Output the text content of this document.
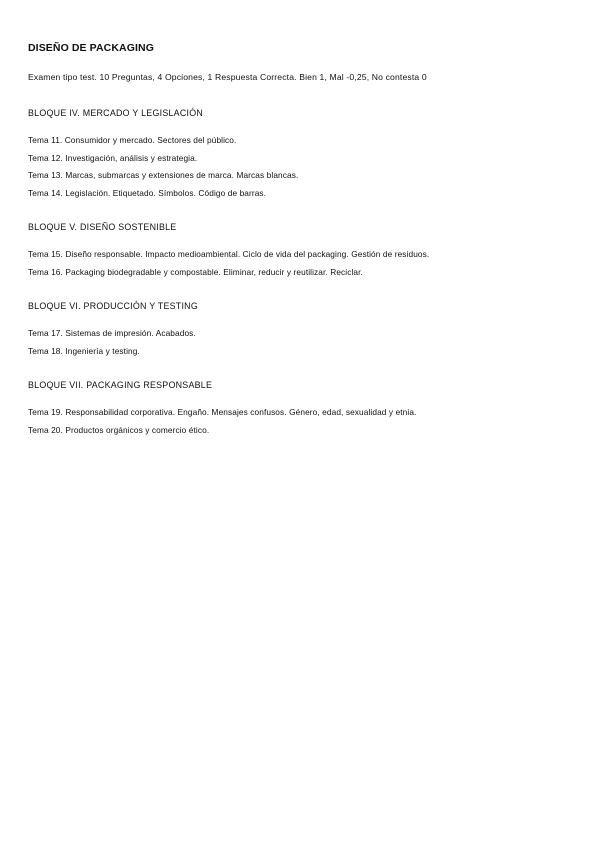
DISEÑO DE PACKAGING
Examen tipo test. 10 Preguntas, 4 Opciones, 1 Respuesta Correcta. Bien 1, Mal -0,25, No contesta 0
BLOQUE IV. MERCADO Y LEGISLACIÓN
Tema 11. Consumidor y mercado. Sectores del público.
Tema 12. Investigación, análisis y estrategia.
Tema 13. Marcas, submarcas y extensiones de marca. Marcas blancas.
Tema 14. Legislación. Etiquetado. Símbolos. Código de barras.
BLOQUE V. DISEÑO SOSTENIBLE
Tema 15. Diseño responsable. Impacto medioambiental. Ciclo de vida del packaging. Gestión de residuos.
Tema 16. Packaging biodegradable y compostable. Eliminar, reducir y reutilizar. Reciclar.
BLOQUE VI. PRODUCCIÓN Y TESTING
Tema 17. Sistemas de impresión. Acabados.
Tema 18. Ingeniería y testing.
BLOQUE VII. PACKAGING RESPONSABLE
Tema 19. Responsabilidad corporativa. Engaño. Mensajes confusos. Género, edad, sexualidad y etnia.
Tema 20. Productos orgánicos y comercio ético.
